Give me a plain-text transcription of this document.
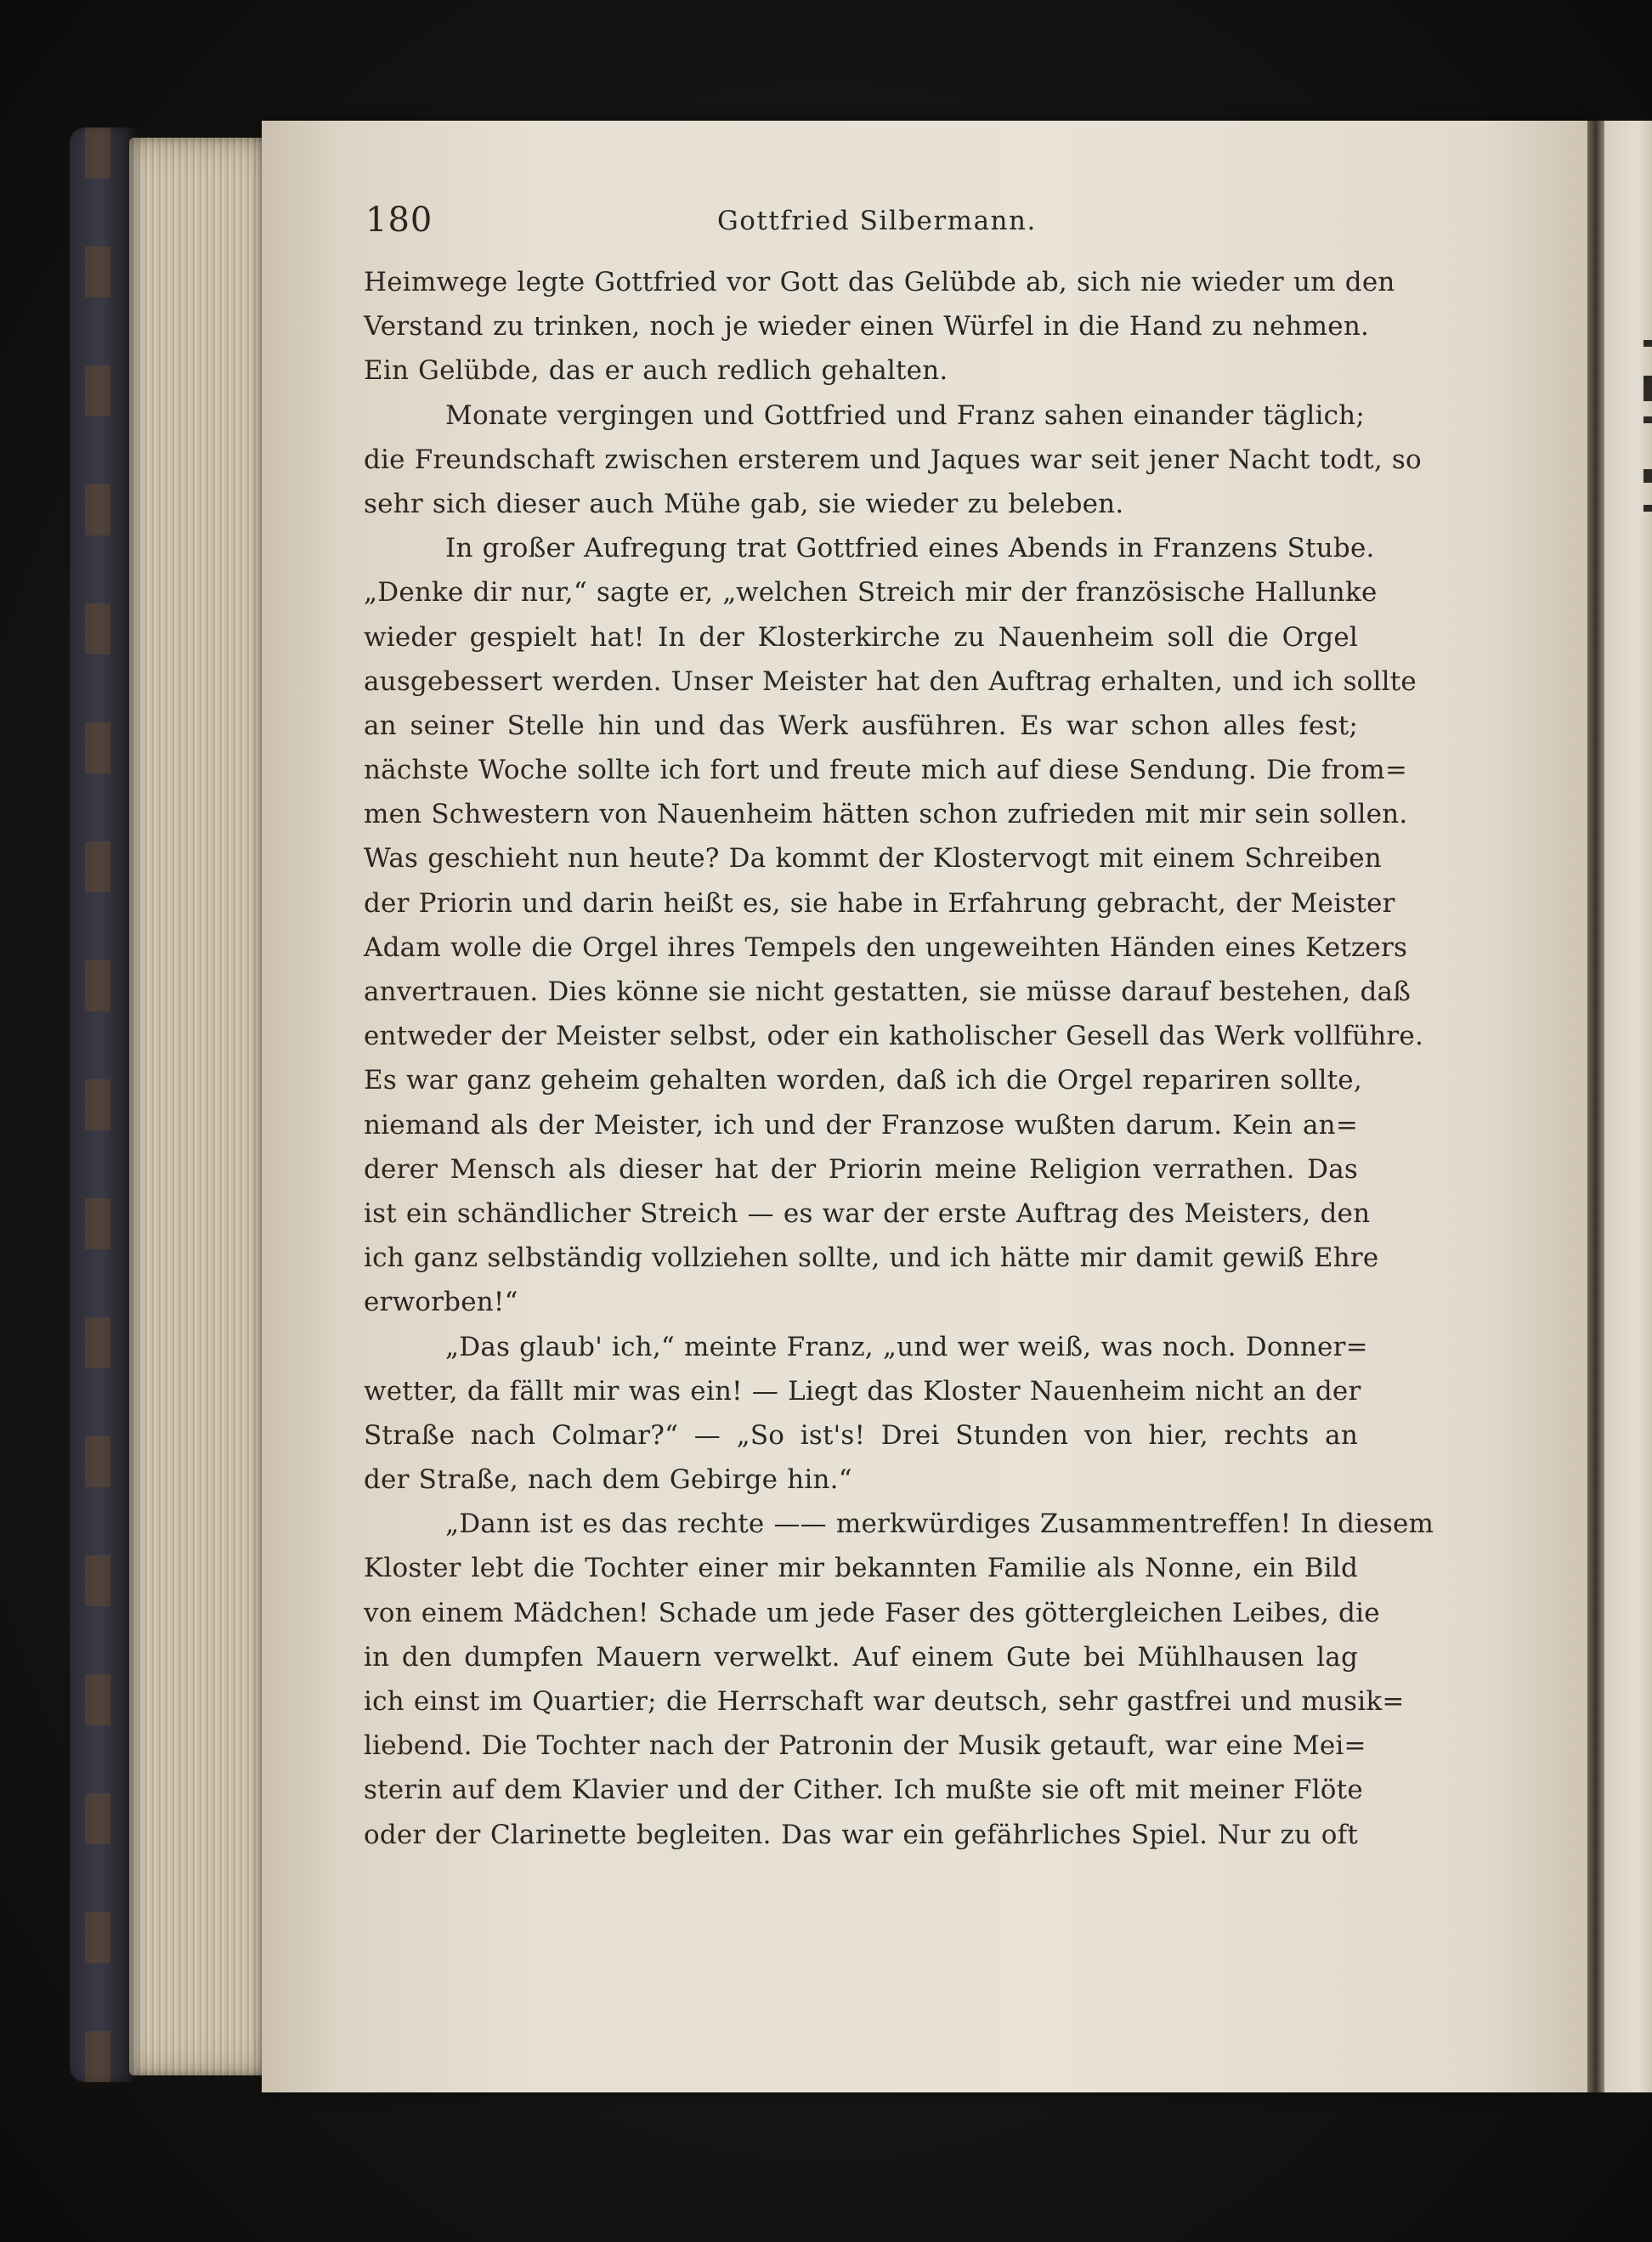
180	Gottfried Silbermann.
Heimwege legte Gottfried vor Gott das Gelübde ab, sich nie wieder um den
Verstand zu trinken, noch je wieder einen Würfel in die Hand zu nehmen.
Ein Gelübde, das er auch redlich gehalten.
Monate vergingen und Gottfried und Franz sahen einander täglich;
die Freundschaft zwischen ersterem und Jaques war seit jener Nacht todt, so
sehr sich dieser auch Mühe gab, sie wieder zu beleben.
In großer Aufregung trat Gottfried eines Abends in Franzens Stube.
„Denke dir nur,“ sagte er, „welchen Streich mir der französische Hallunke
wieder gespielt hat! In der Klosterkirche zu Nauenheim soll die Orgel
ausgebessert werden. Unser Meister hat den Auftrag erhalten, und ich sollte
an seiner Stelle hin und das Werk ausführen. Es war schon alles fest;
nächste Woche sollte ich fort und freute mich auf diese Sendung. Die from=
men Schwestern von Nauenheim hätten schon zufrieden mit mir sein sollen.
Was geschieht nun heute? Da kommt der Klostervogt mit einem Schreiben
der Priorin und darin heißt es, sie habe in Erfahrung gebracht, der Meister
Adam wolle die Orgel ihres Tempels den ungeweihten Händen eines Ketzers
anvertrauen. Dies könne sie nicht gestatten, sie müsse darauf bestehen, daß
entweder der Meister selbst, oder ein katholischer Gesell das Werk vollführe.
Es war ganz geheim gehalten worden, daß ich die Orgel repariren sollte,
niemand als der Meister, ich und der Franzose wußten darum. Kein an=
derer Mensch als dieser hat der Priorin meine Religion verrathen. Das
ist ein schändlicher Streich — es war der erste Auftrag des Meisters, den
ich ganz selbständig vollziehen sollte, und ich hätte mir damit gewiß Ehre
erworben!“
„Das glaub' ich,“ meinte Franz, „und wer weiß, was noch. Donner=
wetter, da fällt mir was ein! — Liegt das Kloster Nauenheim nicht an der
Straße nach Colmar?“ — „So ist's! Drei Stunden von hier, rechts an
der Straße, nach dem Gebirge hin.“
„Dann ist es das rechte —— merkwürdiges Zusammentreffen! In diesem
Kloster lebt die Tochter einer mir bekannten Familie als Nonne, ein Bild
von einem Mädchen! Schade um jede Faser des göttergleichen Leibes, die
in den dumpfen Mauern verwelkt. Auf einem Gute bei Mühlhausen lag
ich einst im Quartier; die Herrschaft war deutsch, sehr gastfrei und musik=
liebend. Die Tochter nach der Patronin der Musik getauft, war eine Mei=
sterin auf dem Klavier und der Cither. Ich mußte sie oft mit meiner Flöte
oder der Clarinette begleiten. Das war ein gefährliches Spiel. Nur zu oft
